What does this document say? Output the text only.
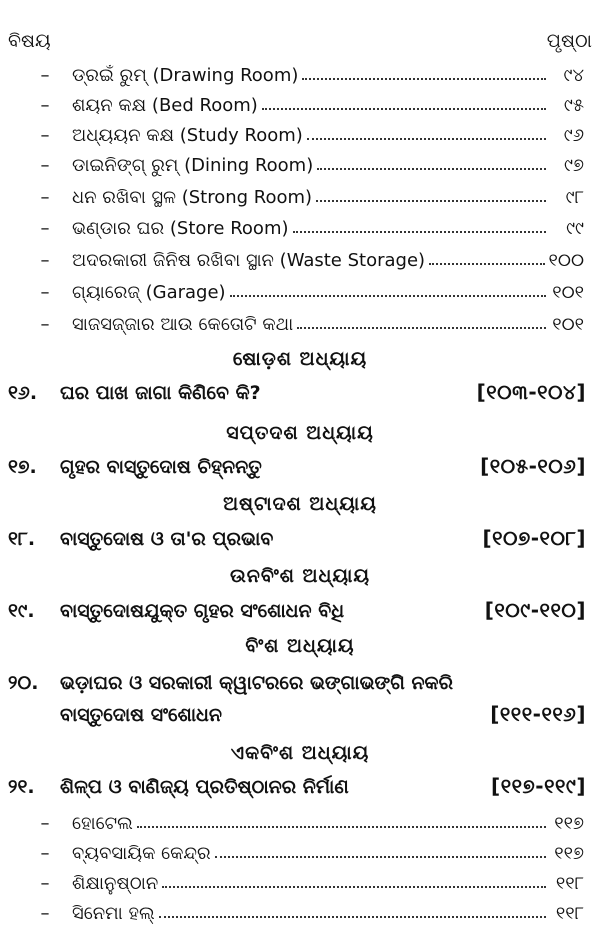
ବିଷୟ	ପୃଷ୍ଠା
–	ଡ୍ରଇଁ ରୁମ୍ (Drawing Room)	୯୪
–	ଶୟନ କକ୍ଷ (Bed Room)	୯୫
–	ଅଧ୍ୟୟନ କକ୍ଷ (Study Room)	୯୬
–	ଡାଇନିଙ୍ଗ୍ ରୁମ୍ (Dining Room)	୯୭
–	ଧନ ରଖିବା ସ୍ଥଳ (Strong Room)	୯୮
–	ଭଣ୍ଡାର ଘର (Store Room)	୯୯
–	ଅଦରକାରୀ ଜିନିଷ ରଖିବା ସ୍ଥାନ (Waste Storage)	୧୦୦
–	ଗ୍ୟାରେଜ୍ (Garage)	୧୦୧
–	ସାଜସଜ୍ଜାର ଆଉ କେତୋଟି କଥା	୧୦୧
ଷୋଡ଼ଶ ଅଧ୍ୟାୟ
୧୬. ଘର ପାଖ ଜାଗା କିଣିବେ କି?	[୧୦୩-୧୦୪]
ସପ୍ତଦଶ ଅଧ୍ୟାୟ
୧୭. ଗୃହର ବାସ୍ତୁଦୋଷ ଚିହ୍ନନ୍ତୁ	[୧୦୫-୧୦୬]
ଅଷ୍ଟାଦଶ ଅଧ୍ୟାୟ
୧୮. ବାସ୍ତୁଦୋଷ ଓ ତା'ର ପ୍ରଭାବ	[୧୦୭-୧୦୮]
ଉନବିଂଶ ଅଧ୍ୟାୟ
୧୯. ବାସ୍ତୁଦୋଷଯୁକ୍ତ ଗୃହର ସଂଶୋଧନ ବିଧି	[୧୦୯-୧୧୦]
ବିଂଶ ଅଧ୍ୟାୟ
୨୦. ଭଡ଼ାଘର ଓ ସରକାରୀ କ୍ୱାଟରରେ ଭଙ୍ଗାଭଙ୍ଗି ନକରି
ବାସ୍ତୁଦୋଷ ସଂଶୋଧନ	[୧୧୧-୧୧୬]
ଏକବିଂଶ ଅଧ୍ୟାୟ
୨୧. ଶିଳ୍ପ ଓ ବାଣିଜ୍ୟ ପ୍ରତିଷ୍ଠାନର ନିର୍ମାଣ	[୧୧୭-୧୧୯]
–	ହୋଟେଲ	୧୧୭
–	ବ୍ୟବସାୟିକ କେନ୍ଦ୍ର	୧୧୭
–	ଶିକ୍ଷାନୁଷ୍ଠାନ	୧୧୮
–	ସିନେମା ହଲ୍	୧୧୮
